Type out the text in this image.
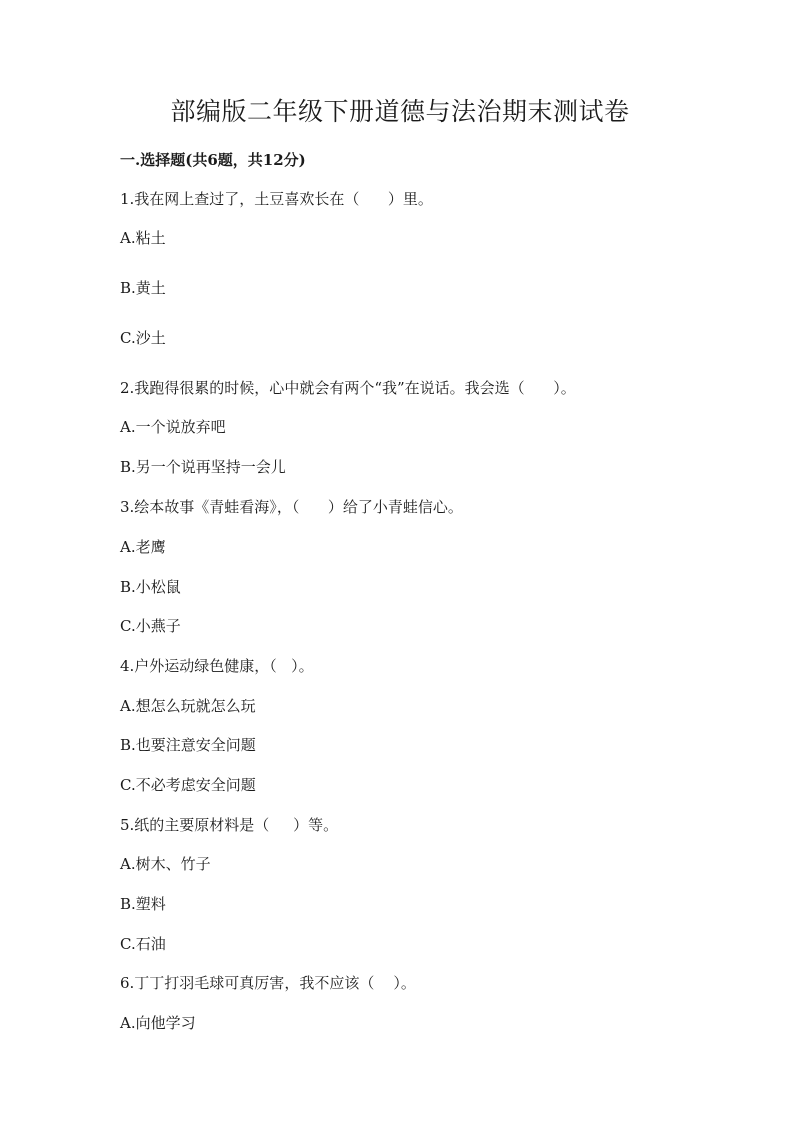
部编版二年级下册道德与法治期末测试卷
一.选择题(共6题，共12分)

1.我在网上查过了，土豆喜欢长在（      ）里。

A.粘土

B.黄土

C.沙土

2.我跑得很累的时候，心中就会有两个“我”在说话。我会选（      ）。

A.一个说放弃吧

B.另一个说再坚持一会儿

3.绘本故事《青蛙看海》，（      ）给了小青蛙信心。

A.老鹰

B.小松鼠

C.小燕子

4.户外运动绿色健康，（   ）。

A.想怎么玩就怎么玩

B.也要注意安全问题

C.不必考虑安全问题

5.纸的主要原材料是（     ）等。

A.树木、竹子

B.塑料

C.石油

6.丁丁打羽毛球可真厉害，我不应该（    ）。

A.向他学习
